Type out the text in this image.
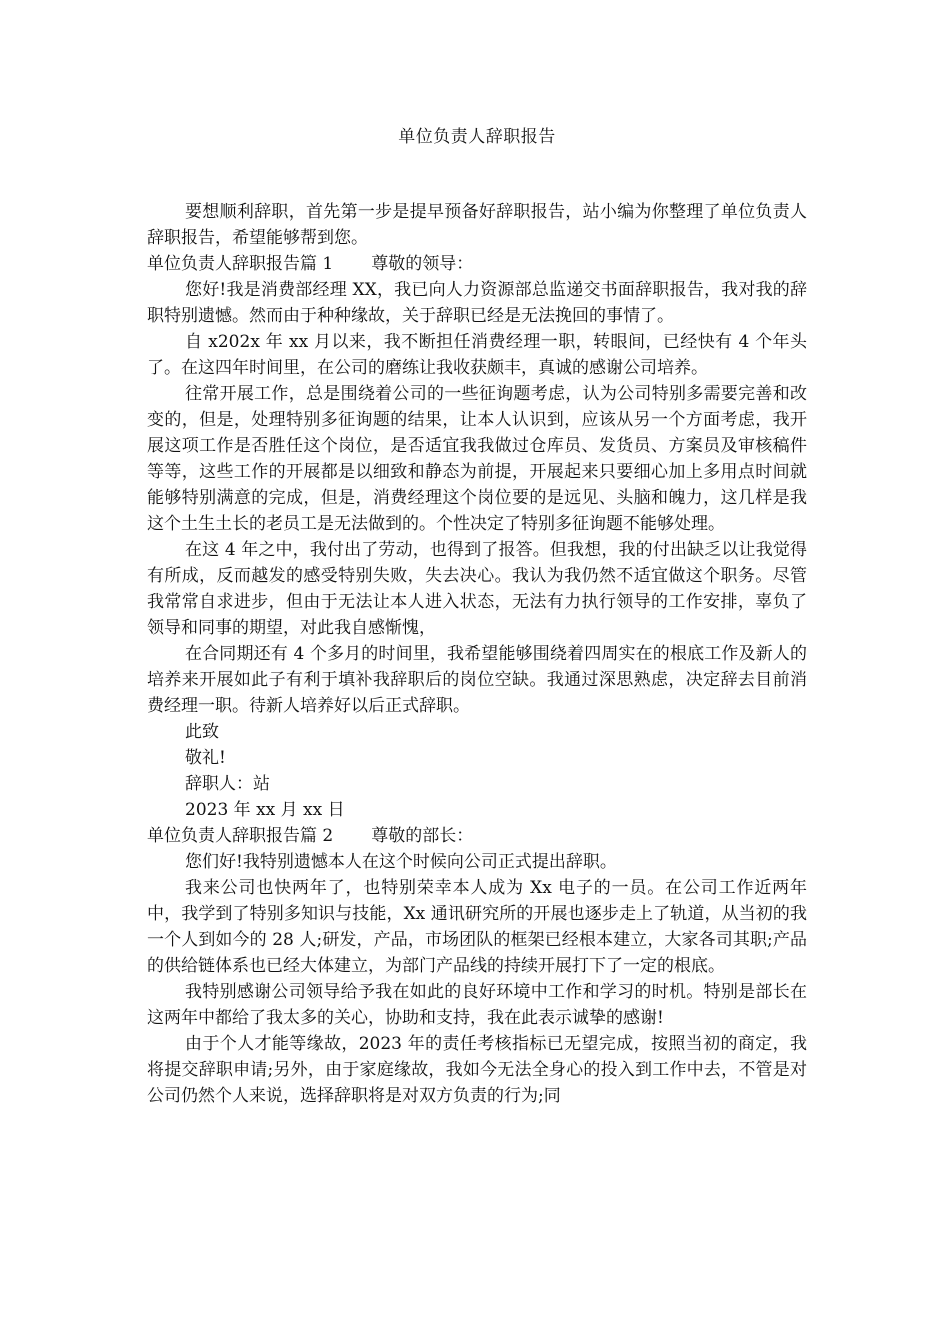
单位负责人辞职报告

要想顺利辞职，首先第一步是提早预备好辞职报告，站小编为你整理了单位负责人辞职报告，希望能够帮到您。

单位负责人辞职报告篇 1 尊敬的领导：

您好!我是消费部经理 XX，我已向人力资源部总监递交书面辞职报告，我对我的辞职特别遗憾。然而由于种种缘故，关于辞职已经是无法挽回的事情了。

自 x202x 年 xx 月以来，我不断担任消费经理一职，转眼间，已经快有 4 个年头了。在这四年时间里，在公司的磨练让我收获颇丰，真诚的感谢公司培养。

往常开展工作，总是围绕着公司的一些征询题考虑，认为公司特别多需要完善和改变的，但是，处理特别多征询题的结果，让本人认识到，应该从另一个方面考虑，我开展这项工作是否胜任这个岗位，是否适宜我我做过仓库员、发货员、方案员及审核稿件等等，这些工作的开展都是以细致和静态为前提，开展起来只要细心加上多用点时间就能够特别满意的完成，但是，消费经理这个岗位要的是远见、头脑和魄力，这几样是我这个土生土长的老员工是无法做到的。个性决定了特别多征询题不能够处理。

在这 4 年之中，我付出了劳动，也得到了报答。但我想，我的付出缺乏以让我觉得有所成，反而越发的感受特别失败，失去决心。我认为我仍然不适宜做这个职务。尽管我常常自求进步，但由于无法让本人进入状态，无法有力执行领导的工作安排，辜负了领导和同事的期望，对此我自感惭愧，

在合同期还有 4 个多月的时间里，我希望能够围绕着四周实在的根底工作及新人的培养来开展如此子有利于填补我辞职后的岗位空缺。我通过深思熟虑，决定辞去目前消费经理一职。待新人培养好以后正式辞职。

此致

敬礼!

辞职人：站

2023 年 xx 月 xx 日

单位负责人辞职报告篇 2 尊敬的部长：

您们好!我特别遗憾本人在这个时候向公司正式提出辞职。

我来公司也快两年了，也特别荣幸本人成为 Xx 电子的一员。在公司工作近两年中，我学到了特别多知识与技能，Xx 通讯研究所的开展也逐步走上了轨道，从当初的我一个人到如今的 28 人;研发，产品，市场团队的框架已经根本建立，大家各司其职;产品的供给链体系也已经大体建立，为部门产品线的持续开展打下了一定的根底。

我特别感谢公司领导给予我在如此的良好环境中工作和学习的时机。特别是部长在这两年中都给了我太多的关心，协助和支持，我在此表示诚挚的感谢!

由于个人才能等缘故，2023 年的责任考核指标已无望完成，按照当初的商定，我将提交辞职申请;另外，由于家庭缘故，我如今无法全身心的投入到工作中去，不管是对公司仍然个人来说，选择辞职将是对双方负责的行为;同
